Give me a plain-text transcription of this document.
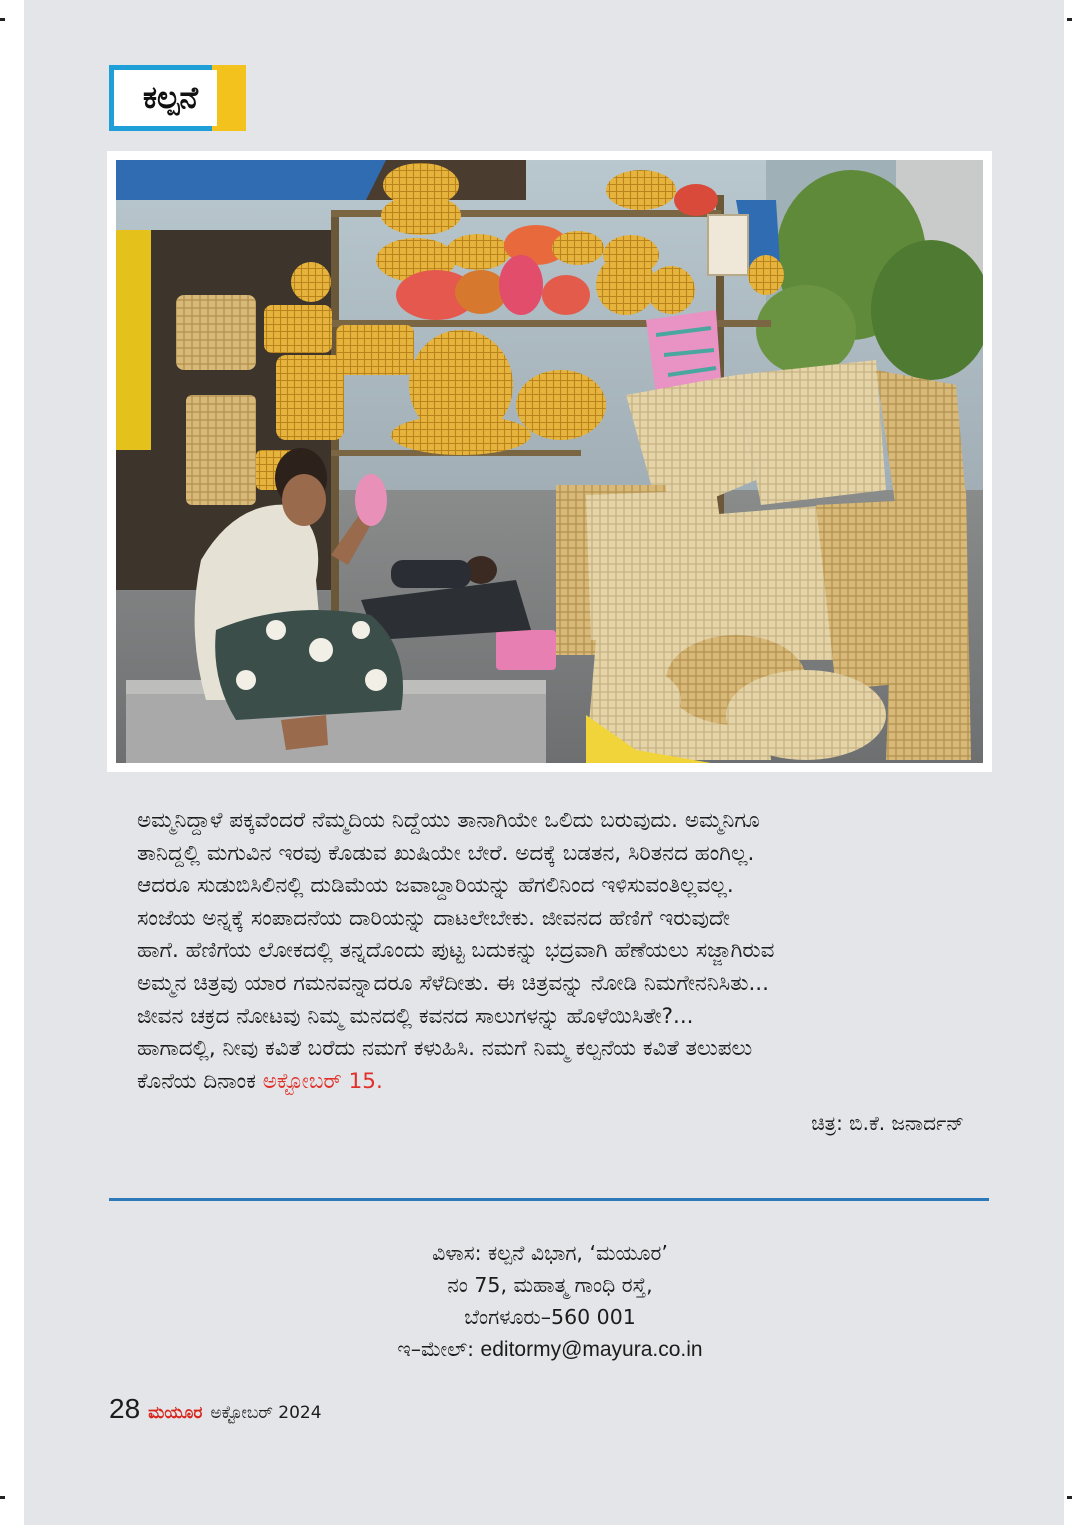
ಕಲ್ಪನೆ
ಅಮ್ಮನಿದ್ದಾಳೆ ಪಕ್ಕವೆಂದರೆ ನೆಮ್ಮದಿಯ ನಿದ್ದೆಯು ತಾನಾಗಿಯೇ ಒಲಿದು ಬರುವುದು. ಅಮ್ಮನಿಗೂ
ತಾನಿದ್ದಲ್ಲಿ ಮಗುವಿನ ಇರವು ಕೊಡುವ ಖುಷಿಯೇ ಬೇರೆ. ಅದಕ್ಕೆ ಬಡತನ, ಸಿರಿತನದ ಹಂಗಿಲ್ಲ.
ಆದರೂ ಸುಡುಬಿಸಿಲಿನಲ್ಲಿ ದುಡಿಮೆಯ ಜವಾಬ್ದಾರಿಯನ್ನು ಹೆಗಲಿನಿಂದ ಇಳಿಸುವಂತಿಲ್ಲವಲ್ಲ.
ಸಂಜೆಯ ಅನ್ನಕ್ಕೆ ಸಂಪಾದನೆಯ ದಾರಿಯನ್ನು ದಾಟಲೇಬೇಕು. ಜೀವನದ ಹೆಣಿಗೆ ಇರುವುದೇ
ಹಾಗೆ. ಹೆಣಿಗೆಯ ಲೋಕದಲ್ಲಿ ತನ್ನದೊಂದು ಪುಟ್ಟ ಬದುಕನ್ನು ಭದ್ರವಾಗಿ ಹೆಣೆಯಲು ಸಜ್ಜಾಗಿರುವ
ಅಮ್ಮನ ಚಿತ್ರವು ಯಾರ ಗಮನವನ್ನಾದರೂ ಸೆಳೆದೀತು. ಈ ಚಿತ್ರವನ್ನು ನೋಡಿ ನಿಮಗೇನನಿಸಿತು...
ಜೀವನ ಚಕ್ರದ ನೋಟವು ನಿಮ್ಮ ಮನದಲ್ಲಿ ಕವನದ ಸಾಲುಗಳನ್ನು ಹೊಳೆಯಿಸಿತೇ?...
ಹಾಗಾದಲ್ಲಿ, ನೀವು ಕವಿತೆ ಬರೆದು ನಮಗೆ ಕಳುಹಿಸಿ. ನಮಗೆ ನಿಮ್ಮ ಕಲ್ಪನೆಯ ಕವಿತೆ ತಲುಪಲು
ಕೊನೆಯ ದಿನಾಂಕ ಅಕ್ಟೋಬರ್ 15.
ಚಿತ್ರ: ಬಿ.ಕೆ. ಜನಾರ್ದನ್
ವಿಳಾಸ: ಕಲ್ಪನೆ ವಿಭಾಗ, ‘ಮಯೂರ’
ನಂ 75, ಮಹಾತ್ಮ ಗಾಂಧಿ ರಸ್ತೆ,
ಬೆಂಗಳೂರು–560 001
ಇ–ಮೇಲ್: editormy@mayura.co.in
28 ಮಯೂರ ಅಕ್ಟೋಬರ್ 2024
